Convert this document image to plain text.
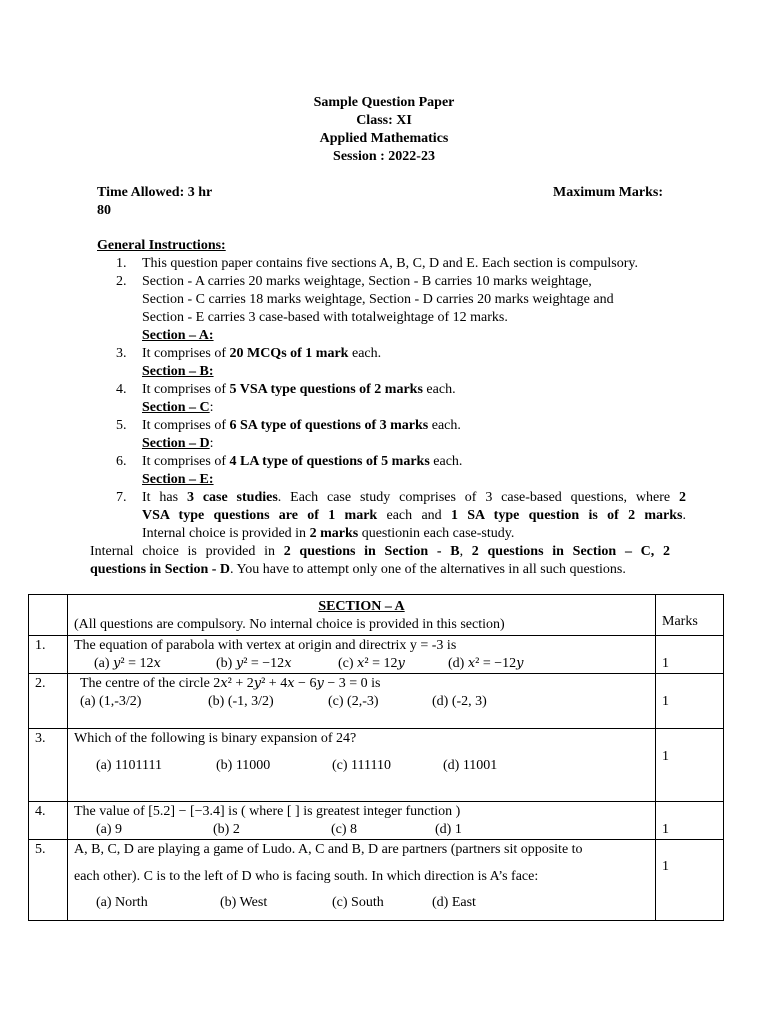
Sample Question Paper
Class: XI
Applied Mathematics
Session : 2022-23
Time Allowed: 3 hr	Maximum Marks:
80
General Instructions:
1. This question paper contains five sections A, B, C, D and E. Each section is compulsory.
2. Section - A carries 20 marks weightage, Section - B carries 10 marks weightage,
Section - C carries 18 marks weightage, Section - D carries 20 marks weightage and
Section - E carries 3 case-based with totalweightage of 12 marks.
Section – A:
3. It comprises of 20 MCQs of 1 mark each.
Section – B:
4. It comprises of 5 VSA type questions of 2 marks each.
Section – C:
5. It comprises of 6 SA type of questions of 3 marks each.
Section – D:
6. It comprises of 4 LA type of questions of 5 marks each.
Section – E:
7. It has 3 case studies. Each case study comprises of 3 case-based questions, where 2
VSA type questions are of 1 mark each and 1 SA type question is of 2 marks.
Internal choice is provided in 2 marks questionin each case-study.
Internal choice is provided in 2 questions in Section - B, 2 questions in Section – C, 2
questions in Section - D. You have to attempt only one of the alternatives in all such questions.

	SECTION – A
(All questions are compulsory. No internal choice is provided in this section)	Marks
1.	The equation of parabola with vertex at origin and directrix y = -3 is
(a) y² = 12x (b) y² = −12x (c) x² = 12y (d) x² = −12y	1
2.	The centre of the circle 2x² + 2y² + 4x − 6y − 3 = 0 is
(a) (1,-3/2) (b) (-1, 3/2) (c) (2,-3) (d) (-2, 3)	1
3.	Which of the following is binary expansion of 24?
(a) 1101111 (b) 11000 (c) 111110 (d) 11001	1
4.	The value of [5.2] − [−3.4] is ( where [ ] is greatest integer function )
(a) 9 (b) 2 (c) 8 (d) 1	1
5.	A, B, C, D are playing a game of Ludo. A, C and B, D are partners (partners sit opposite to
each other). C is to the left of D who is facing south. In which direction is A’s face:
(a) North (b) West (c) South (d) East	1
